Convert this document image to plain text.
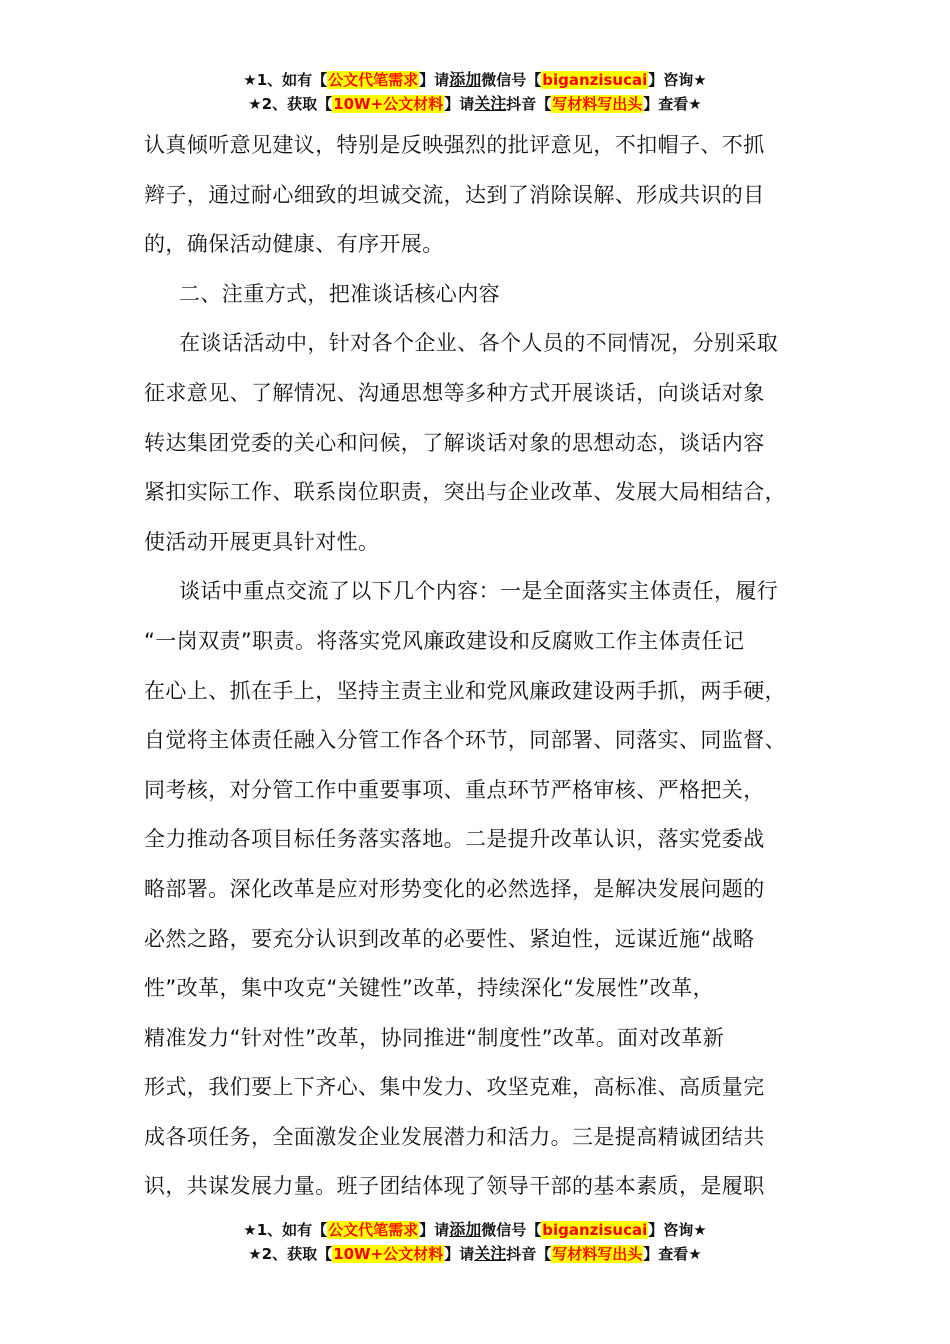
★1、如有【公文代笔需求】请添加微信号【biganzisucai】咨询★
★2、获取【10W+公文材料】请关注抖音【写材料写出头】查看★

认真倾听意见建议，特别是反映强烈的批评意见，不扣帽子、不抓

辫子，通过耐心细致的坦诚交流，达到了消除误解、形成共识的目

的，确保活动健康、有序开展。

二、注重方式，把准谈话核心内容

在谈话活动中，针对各个企业、各个人员的不同情况，分别采取

征求意见、了解情况、沟通思想等多种方式开展谈话，向谈话对象

转达集团党委的关心和问候，了解谈话对象的思想动态，谈话内容

紧扣实际工作、联系岗位职责，突出与企业改革、发展大局相结合，

使活动开展更具针对性。

谈话中重点交流了以下几个内容：一是全面落实主体责任，履行

“一岗双责”职责。将落实党风廉政建设和反腐败工作主体责任记

在心上、抓在手上，坚持主责主业和党风廉政建设两手抓，两手硬，

自觉将主体责任融入分管工作各个环节，同部署、同落实、同监督、

同考核，对分管工作中重要事项、重点环节严格审核、严格把关，

全力推动各项目标任务落实落地。二是提升改革认识，落实党委战

略部署。深化改革是应对形势变化的必然选择，是解决发展问题的

必然之路，要充分认识到改革的必要性、紧迫性，远谋近施“战略

性”改革，集中攻克“关键性”改革，持续深化“发展性”改革，

精准发力“针对性”改革，协同推进“制度性”改革。面对改革新

形式，我们要上下齐心、集中发力、攻坚克难，高标准、高质量完

成各项任务，全面激发企业发展潜力和活力。三是提高精诚团结共

识，共谋发展力量。班子团结体现了领导干部的基本素质，是履职

★1、如有【公文代笔需求】请添加微信号【biganzisucai】咨询★
★2、获取【10W+公文材料】请关注抖音【写材料写出头】查看★
